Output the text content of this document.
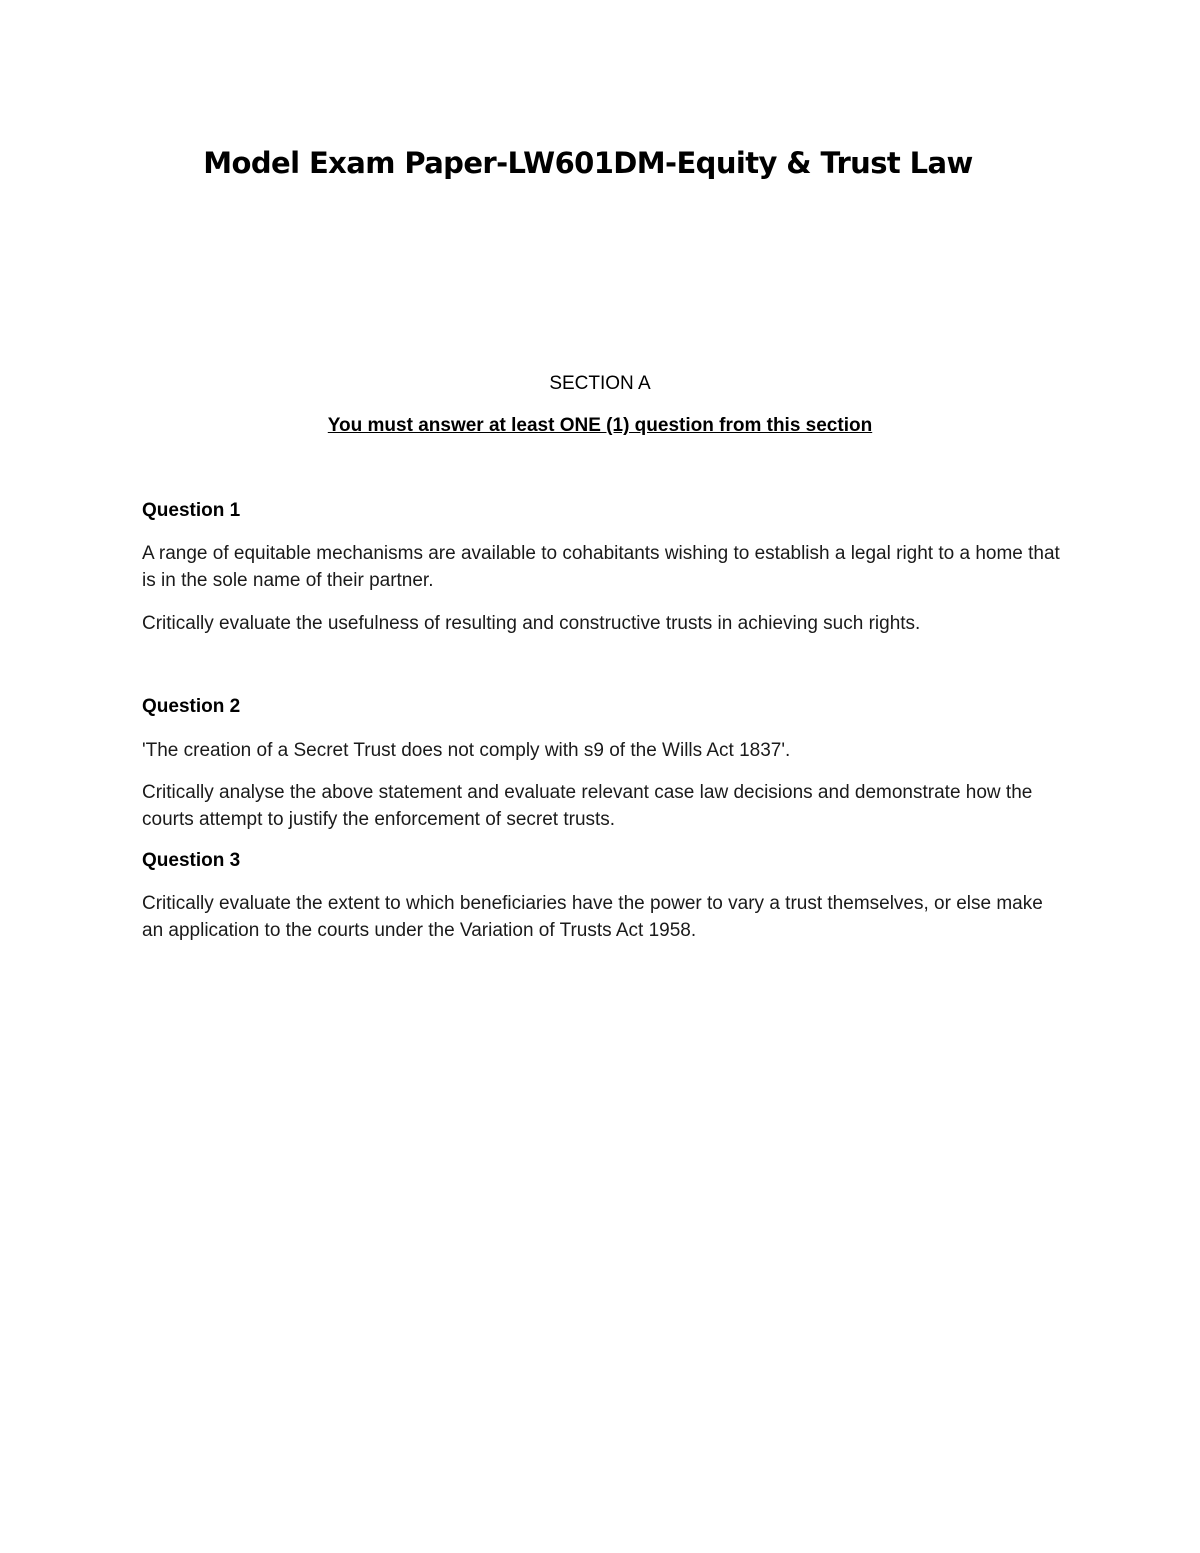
Model Exam Paper-LW601DM-Equity & Trust Law

SECTION A

You must answer at least ONE (1) question from this section

Question 1

A range of equitable mechanisms are available to cohabitants wishing to establish a legal right to a home that is in the sole name of their partner.

Critically evaluate the usefulness of resulting and constructive trusts in achieving such rights.

Question 2

'The creation of a Secret Trust does not comply with s9 of the Wills Act 1837'.

Critically analyse the above statement and evaluate relevant case law decisions and demonstrate how the courts attempt to justify the enforcement of secret trusts.

Question 3

Critically evaluate the extent to which beneficiaries have the power to vary a trust themselves, or else make an application to the courts under the Variation of Trusts Act 1958.
